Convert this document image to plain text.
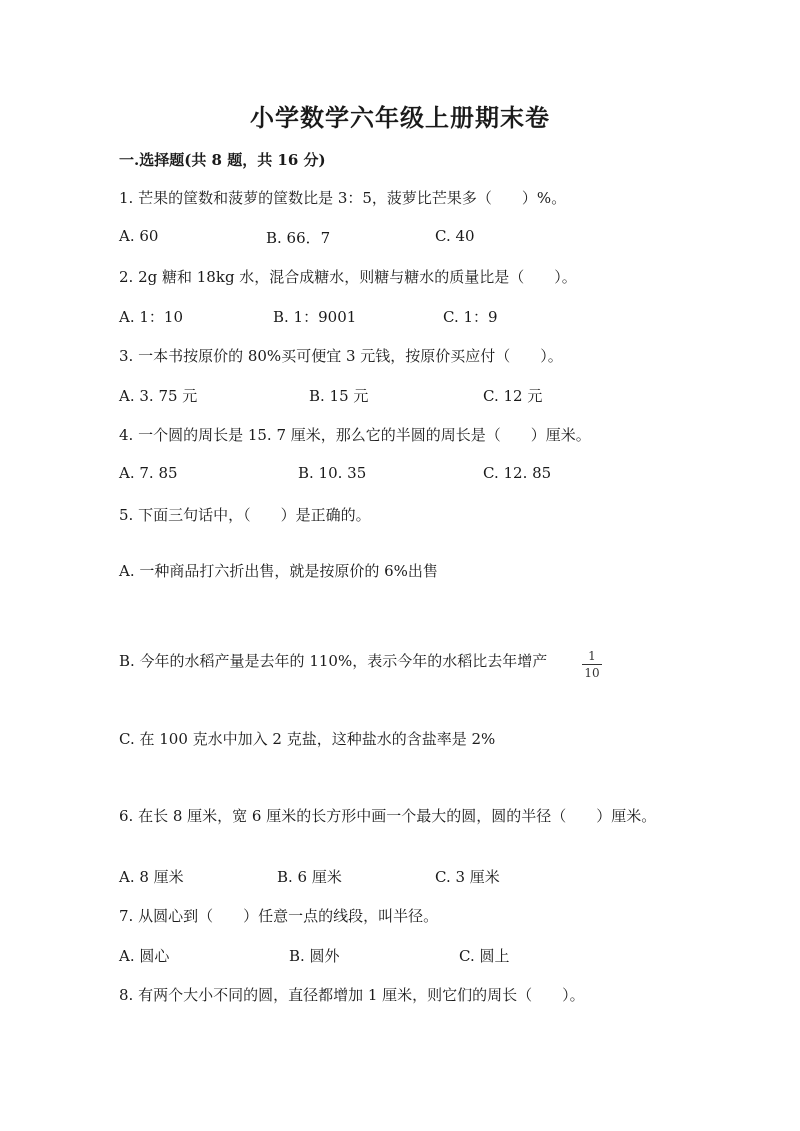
小学数学六年级上册期末卷
一.选择题(共 8 题，共 16 分)
1. 芒果的筐数和菠萝的筐数比是 3：5，菠萝比芒果多（　　）%。
A. 60	B. 66．7	C. 40
2. 2g 糖和 18kg 水，混合成糖水，则糖与糖水的质量比是（　　）。
A. 1：10	B. 1：9001	C. 1：9
3. 一本书按原价的 80%买可便宜 3 元钱，按原价买应付（　　）。
A. 3. 75 元	B. 15 元	C. 12 元
4. 一个圆的周长是 15. 7 厘米，那么它的半圆的周长是（　　）厘米。
A. 7. 85	B. 10. 35	C. 12. 85
5. 下面三句话中，（　　）是正确的。
A. 一种商品打六折出售，就是按原价的 6%出售
B. 今年的水稻产量是去年的 110%，表示今年的水稻比去年增产	1
10
C. 在 100 克水中加入 2 克盐，这种盐水的含盐率是 2%
6. 在长 8 厘米，宽 6 厘米的长方形中画一个最大的圆，圆的半径（　　）厘米。
A. 8 厘米	B. 6 厘米	C. 3 厘米
7. 从圆心到（　　）任意一点的线段，叫半径。
A. 圆心	B. 圆外	C. 圆上
8. 有两个大小不同的圆，直径都增加 1 厘米，则它们的周长（　　）。
